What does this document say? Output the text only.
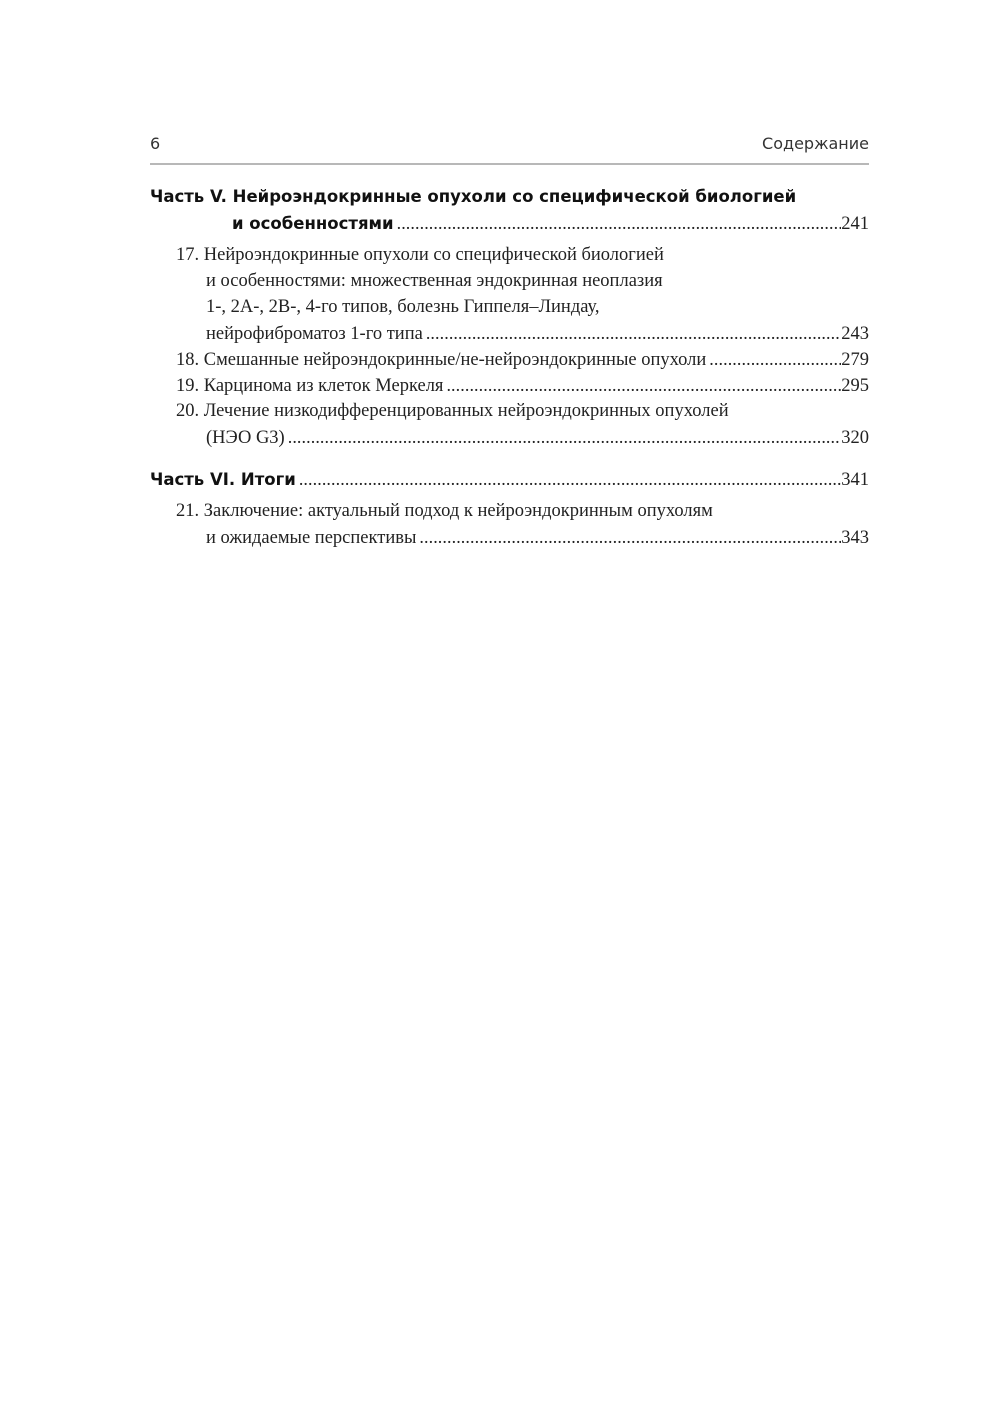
6	Содержание
Часть V. Нейроэндокринные опухоли со специфической биологией
и особенностями . . .	241
17. Нейроэндокринные опухоли со специфической биологией
и особенностями: множественная эндокринная неоплазия
1-, 2А-, 2В-, 4-го типов, болезнь Гиппеля–Линдау,
нейрофиброматоз 1-го типа . . .	243
18. Смешанные нейроэндокринные/не-нейроэндокринные опухоли . . .	279
19. Карцинома из клеток Меркеля . . .	295
20. Лечение низкодифференцированных нейроэндокринных опухолей
(НЭО G3) . . .	320
Часть VI. Итоги . . .	341
21. Заключение: актуальный подход к нейроэндокринным опухолям
и ожидаемые перспективы . . .	343
